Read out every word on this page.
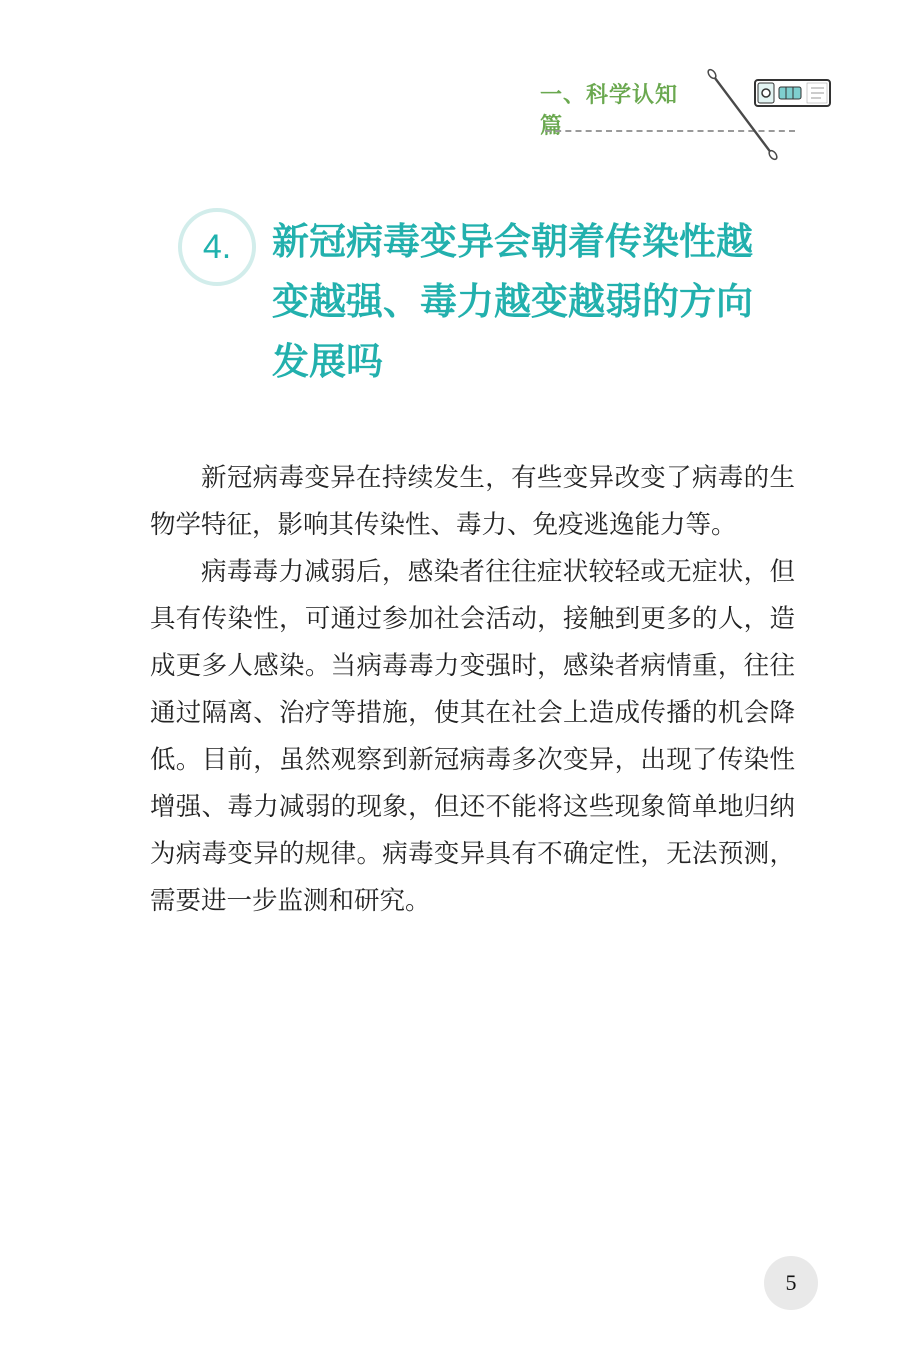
一、科学认知篇
4. 新冠病毒变异会朝着传染性越
变越强、毒力越变越弱的方向
发展吗

新冠病毒变异在持续发生，有些变异改变了病毒的生物学特征，影响其传染性、毒力、免疫逃逸能力等。

病毒毒力减弱后，感染者往往症状较轻或无症状，但具有传染性，可通过参加社会活动，接触到更多的人，造成更多人感染。当病毒毒力变强时，感染者病情重，往往通过隔离、治疗等措施，使其在社会上造成传播的机会降低。目前，虽然观察到新冠病毒多次变异，出现了传染性增强、毒力减弱的现象，但还不能将这些现象简单地归纳为病毒变异的规律。病毒变异具有不确定性，无法预测，需要进一步监测和研究。

5
